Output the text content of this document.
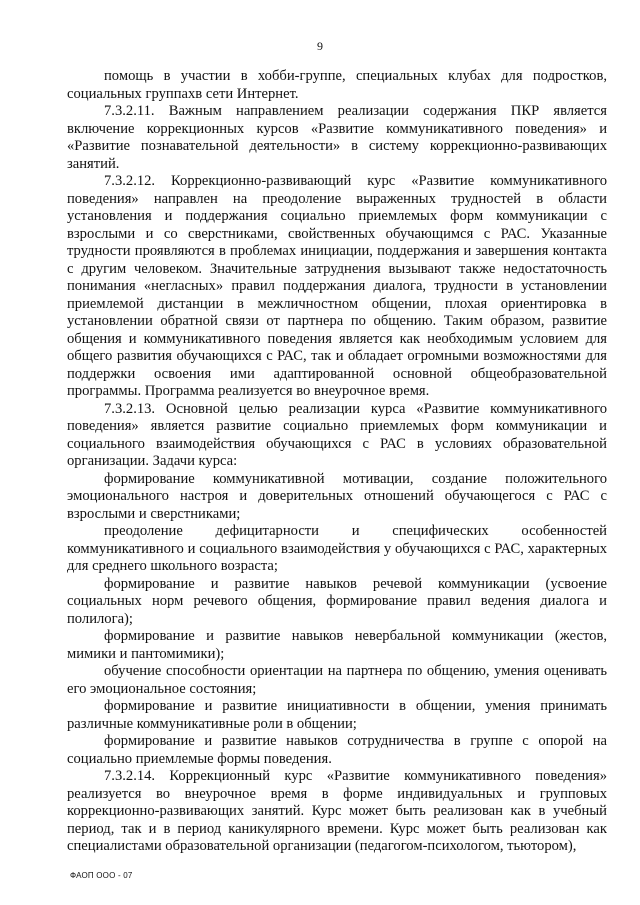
9

помощь в участии в хобби-группе, специальных клубах для подростков, социальных группахв сети Интернет.

7.3.2.11. Важным направлением реализации содержания ПКР является включение коррекционных курсов «Развитие коммуникативного поведения» и «Развитие познавательной деятельности» в систему коррекционно-развивающих занятий.

7.3.2.12. Коррекционно-развивающий курс «Развитие коммуникативного поведения» направлен на преодоление выраженных трудностей в области установления и поддержания социально приемлемых форм коммуникации с взрослыми и со сверстниками, свойственных обучающимся с РАС. Указанные трудности проявляются в проблемах инициации, поддержания и завершения контакта с другим человеком. Значительные затруднения вызывают также недостаточность понимания «негласных» правил поддержания диалога, трудности в установлении приемлемой дистанции в межличностном общении, плохая ориентировка в установлении обратной связи от партнера по общению. Таким образом, развитие общения и коммуникативного поведения является как необходимым условием для общего развития обучающихся с РАС, так и обладает огромными возможностями для поддержки освоения ими адаптированной основной общеобразовательной программы. Программа реализуется во внеурочное время.

7.3.2.13. Основной целью реализации курса «Развитие коммуникативного поведения» является развитие социально приемлемых форм коммуникации и социального взаимодействия обучающихся с РАС в условиях образовательной организации. Задачи курса:

формирование коммуникативной мотивации, создание положительного эмоционального настроя и доверительных отношений обучающегося с РАС с взрослыми и сверстниками;

преодоление дефицитарности и специфических особенностей коммуникативного и социального взаимодействия у обучающихся с РАС, характерных для среднего школьного возраста;

формирование и развитие навыков речевой коммуникации (усвоение социальных норм речевого общения, формирование правил ведения диалога и полилога);

формирование и развитие навыков невербальной коммуникации (жестов, мимики и пантомимики);

обучение способности ориентации на партнера по общению, умения оценивать его эмоциональное состояния;

формирование и развитие инициативности в общении, умения принимать различные коммуникативные роли в общении;

формирование и развитие навыков сотрудничества в группе с опорой на социально приемлемые формы поведения.

7.3.2.14. Коррекционный курс «Развитие коммуникативного поведения» реализуется во внеурочное время в форме индивидуальных и групповых коррекционно-развивающих занятий. Курс может быть реализован как в учебный период, так и в период каникулярного времени. Курс может быть реализован как специалистами образовательной организации (педагогом-психологом, тьютором),

ФАОП ООО - 07
